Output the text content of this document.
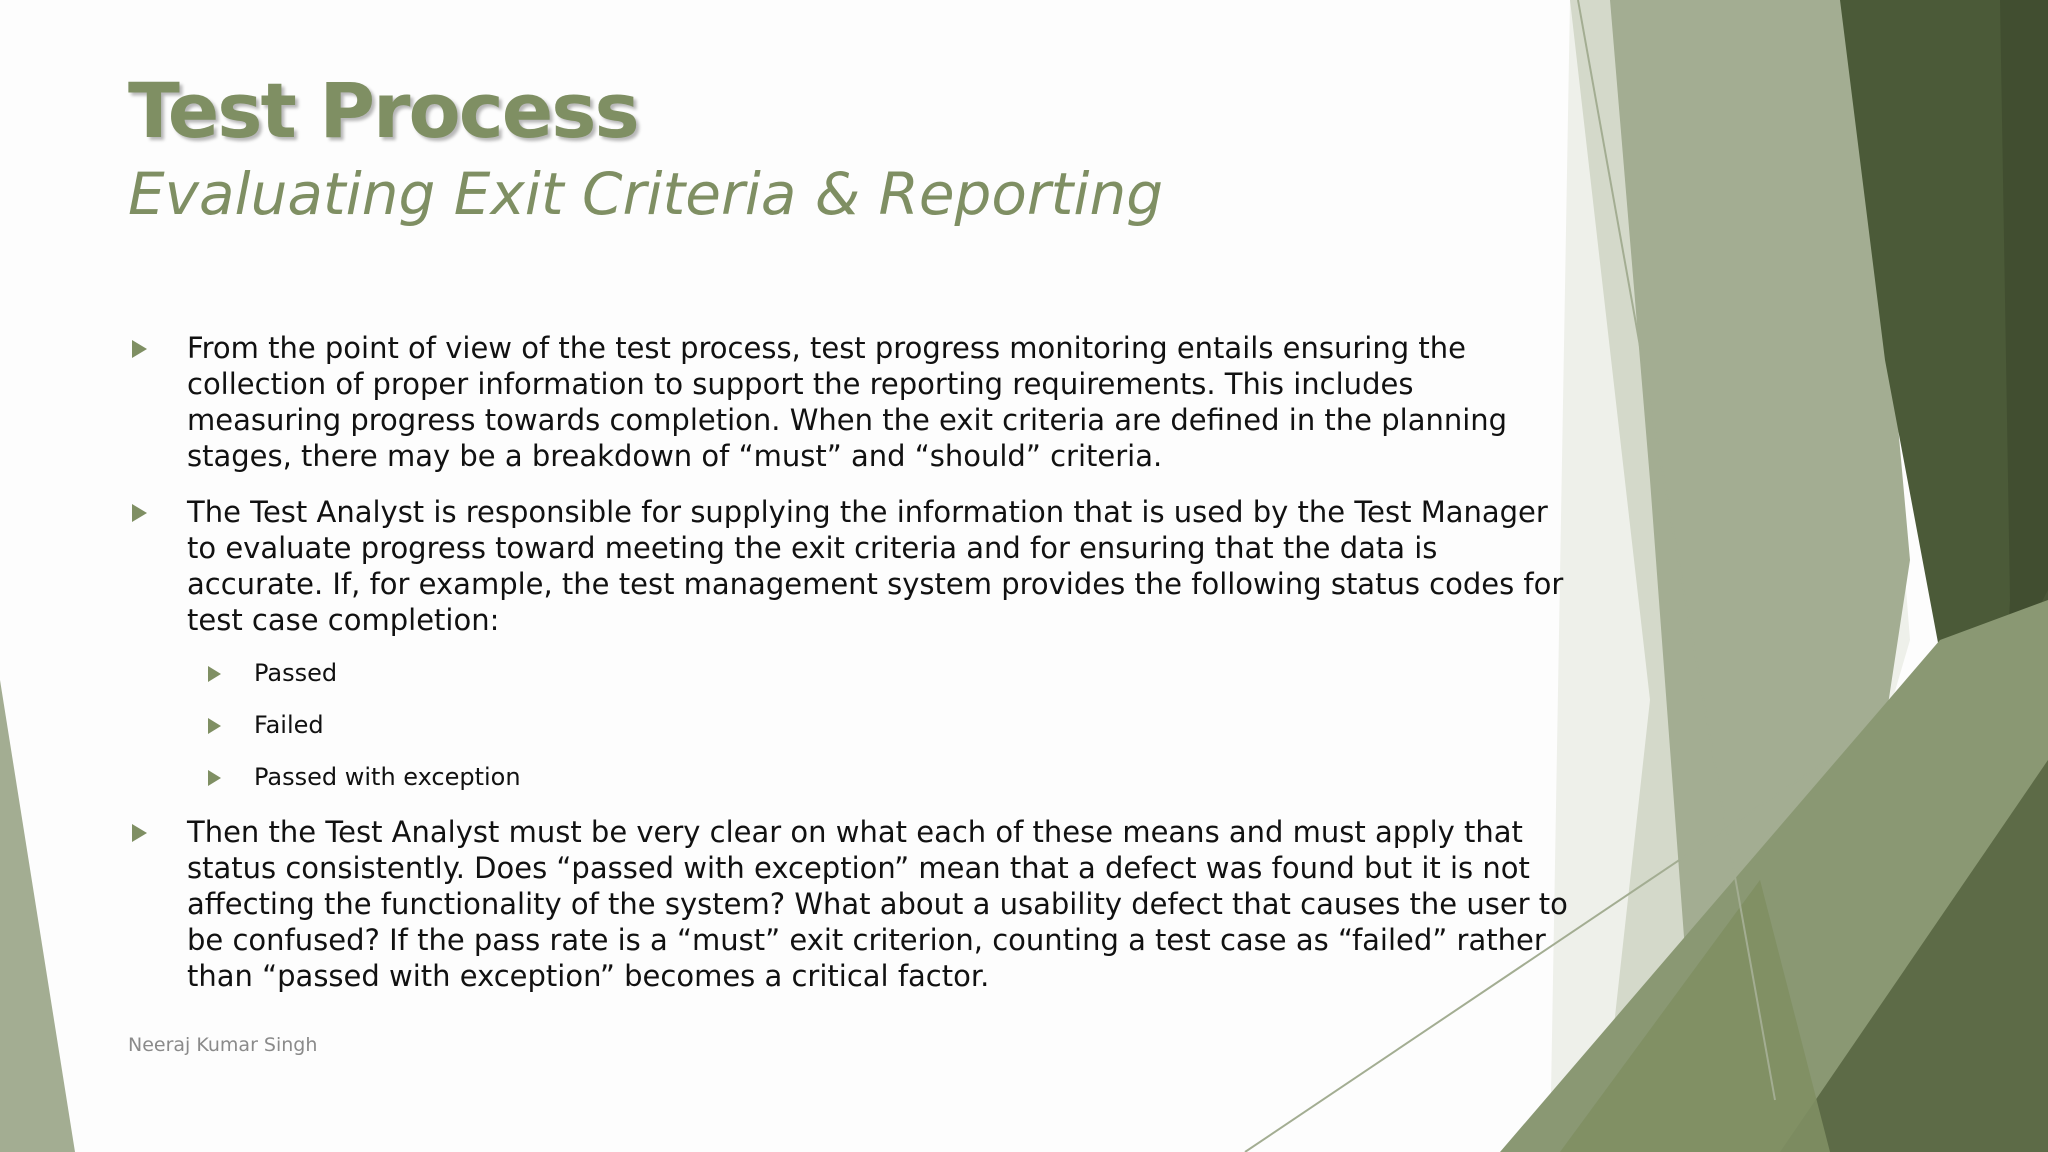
Test Process
Evaluating Exit Criteria & Reporting
From the point of view of the test process, test progress monitoring entails ensuring the collection of proper information to support the reporting requirements. This includes measuring progress towards completion. When the exit criteria are defined in the planning stages, there may be a breakdown of “must” and “should” criteria.
The Test Analyst is responsible for supplying the information that is used by the Test Manager to evaluate progress toward meeting the exit criteria and for ensuring that the data is accurate. If, for example, the test management system provides the following status codes for test case completion:
Passed
Failed
Passed with exception
Then the Test Analyst must be very clear on what each of these means and must apply that status consistently. Does “passed with exception” mean that a defect was found but it is not affecting the functionality of the system? What about a usability defect that causes the user to be confused? If the pass rate is a “must” exit criterion, counting a test case as “failed” rather than “passed with exception” becomes a critical factor.
Neeraj Kumar Singh
